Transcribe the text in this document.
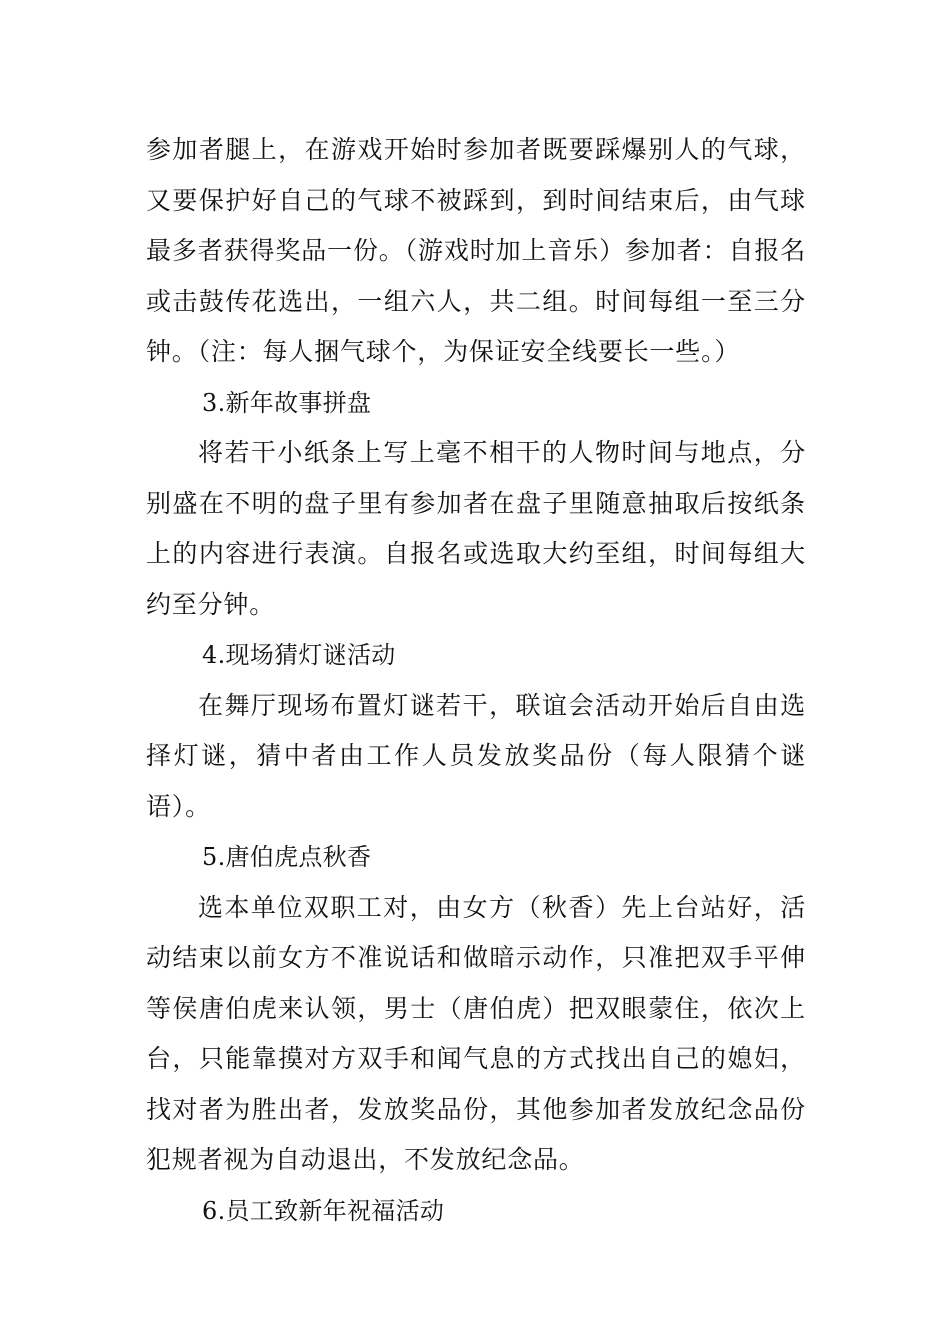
参加者腿上，在游戏开始时参加者既要踩爆别人的气球，又要保护好自己的气球不被踩到，到时间结束后，由气球最多者获得奖品一份。（游戏时加上音乐）参加者：自报名或击鼓传花选出，一组六人，共二组。时间每组一至三分钟。（注：每人捆气球个，为保证安全线要长一些。）

3.新年故事拼盘

将若干小纸条上写上毫不相干的人物时间与地点，分别盛在不明的盘子里有参加者在盘子里随意抽取后按纸条上的内容进行表演。自报名或选取大约至组，时间每组大约至分钟。

4.现场猜灯谜活动

在舞厅现场布置灯谜若干，联谊会活动开始后自由选择灯谜，猜中者由工作人员发放奖品份（每人限猜个谜语）。

5.唐伯虎点秋香

选本单位双职工对，由女方（秋香）先上台站好，活动结束以前女方不准说话和做暗示动作，只准把双手平伸等侯唐伯虎来认领，男士（唐伯虎）把双眼蒙住，依次上台，只能靠摸对方双手和闻气息的方式找出自己的媳妇，找对者为胜出者，发放奖品份，其他参加者发放纪念品份犯规者视为自动退出，不发放纪念品。

6.员工致新年祝福活动
